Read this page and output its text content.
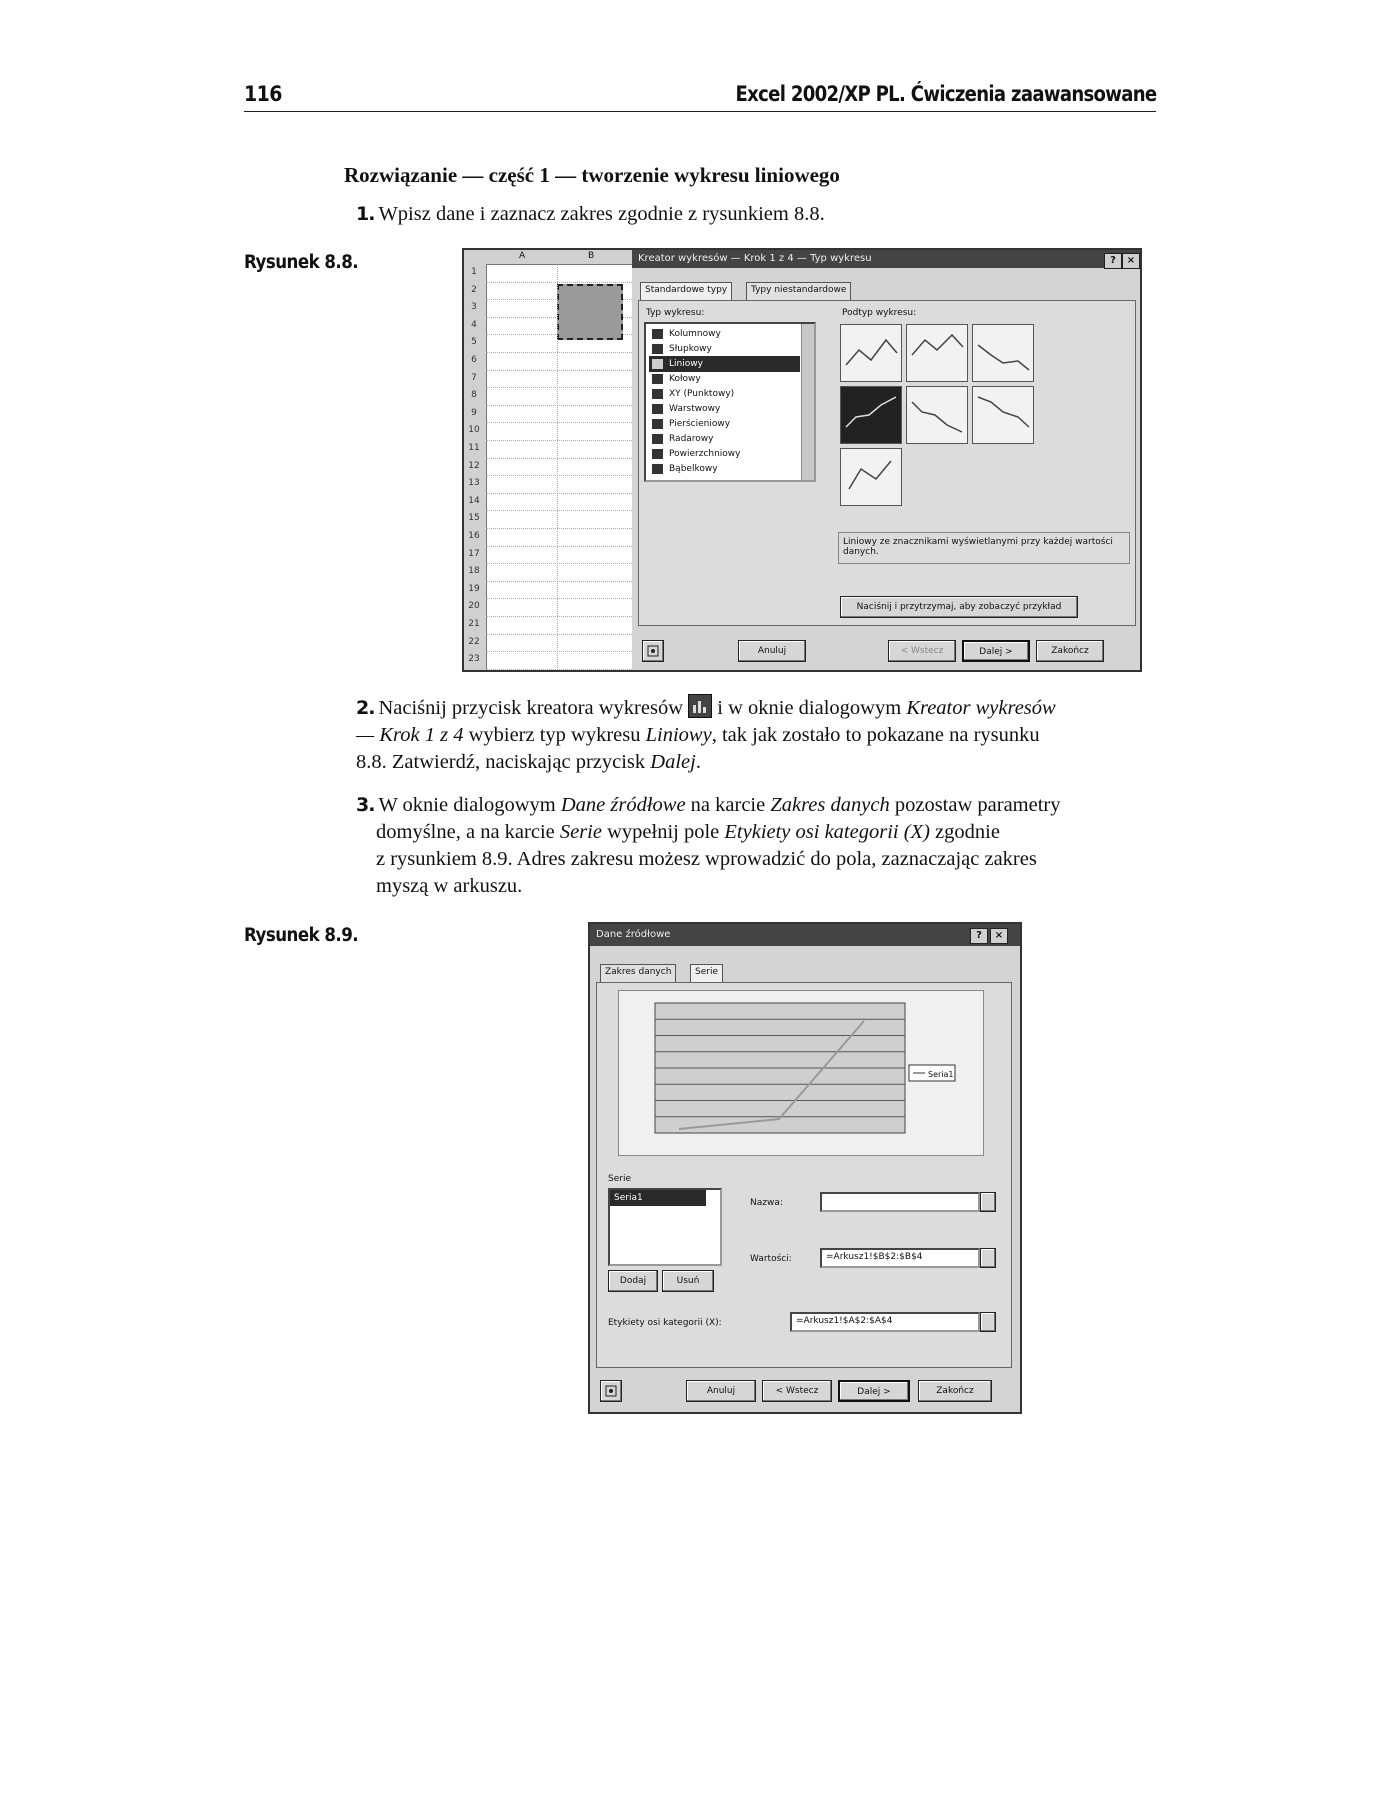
116	Excel 2002/XP PL. Ćwiczenia zaawansowane
Rozwiązanie — część 1 — tworzenie wykresu liniowego
1. Wpisz dane i zaznacz zakres zgodnie z rysunkiem 8.8.
Rysunek 8.8.	A	B
1
2
3
4
5
6
7
8
9
10
11
12
13
14
15
16
17
18
19
20
21
22
23
Kreator wykresów — Krok 1 z 4 — Typ wykresu	?	×
Standardowe typy	Typy niestandardowe
Typ wykresu:
Kolumnowy
Słupkowy
Liniowy
Kołowy
XY (Punktowy)
Warstwowy
Pierścieniowy
Radarowy
Powierzchniowy
Bąbelkowy
Podtyp wykresu:
Liniowy ze znacznikami wyświetlanymi przy każdej wartości danych.
Naciśnij i przytrzymaj, aby zobaczyć przykład
Anuluj	< Wstecz	Dalej >	Zakończ
2. Naciśnij przycisk kreatora wykresów i w oknie dialogowym Kreator wykresów
— Krok 1 z 4 wybierz typ wykresu Liniowy, tak jak zostało to pokazane na rysunku
8.8. Zatwierdź, naciskając przycisk Dalej.
3. W oknie dialogowym Dane źródłowe na karcie Zakres danych pozostaw parametry
domyślne, a na karcie Serie wypełnij pole Etykiety osi kategorii (X) zgodnie
z rysunkiem 8.9. Adres zakresu możesz wprowadzić do pola, zaznaczając zakres
myszą w arkuszu.
Rysunek 8.9.	Dane źródłowe	?	×
Zakres danych	Serie
Seria1
Serie
Seria1
Dodaj	Usuń
Nazwa:
Wartości:	=Arkusz1!$B$2:$B$4
Etykiety osi kategorii (X):	=Arkusz1!$A$2:$A$4
Anuluj	< Wstecz	Dalej >	Zakończ
